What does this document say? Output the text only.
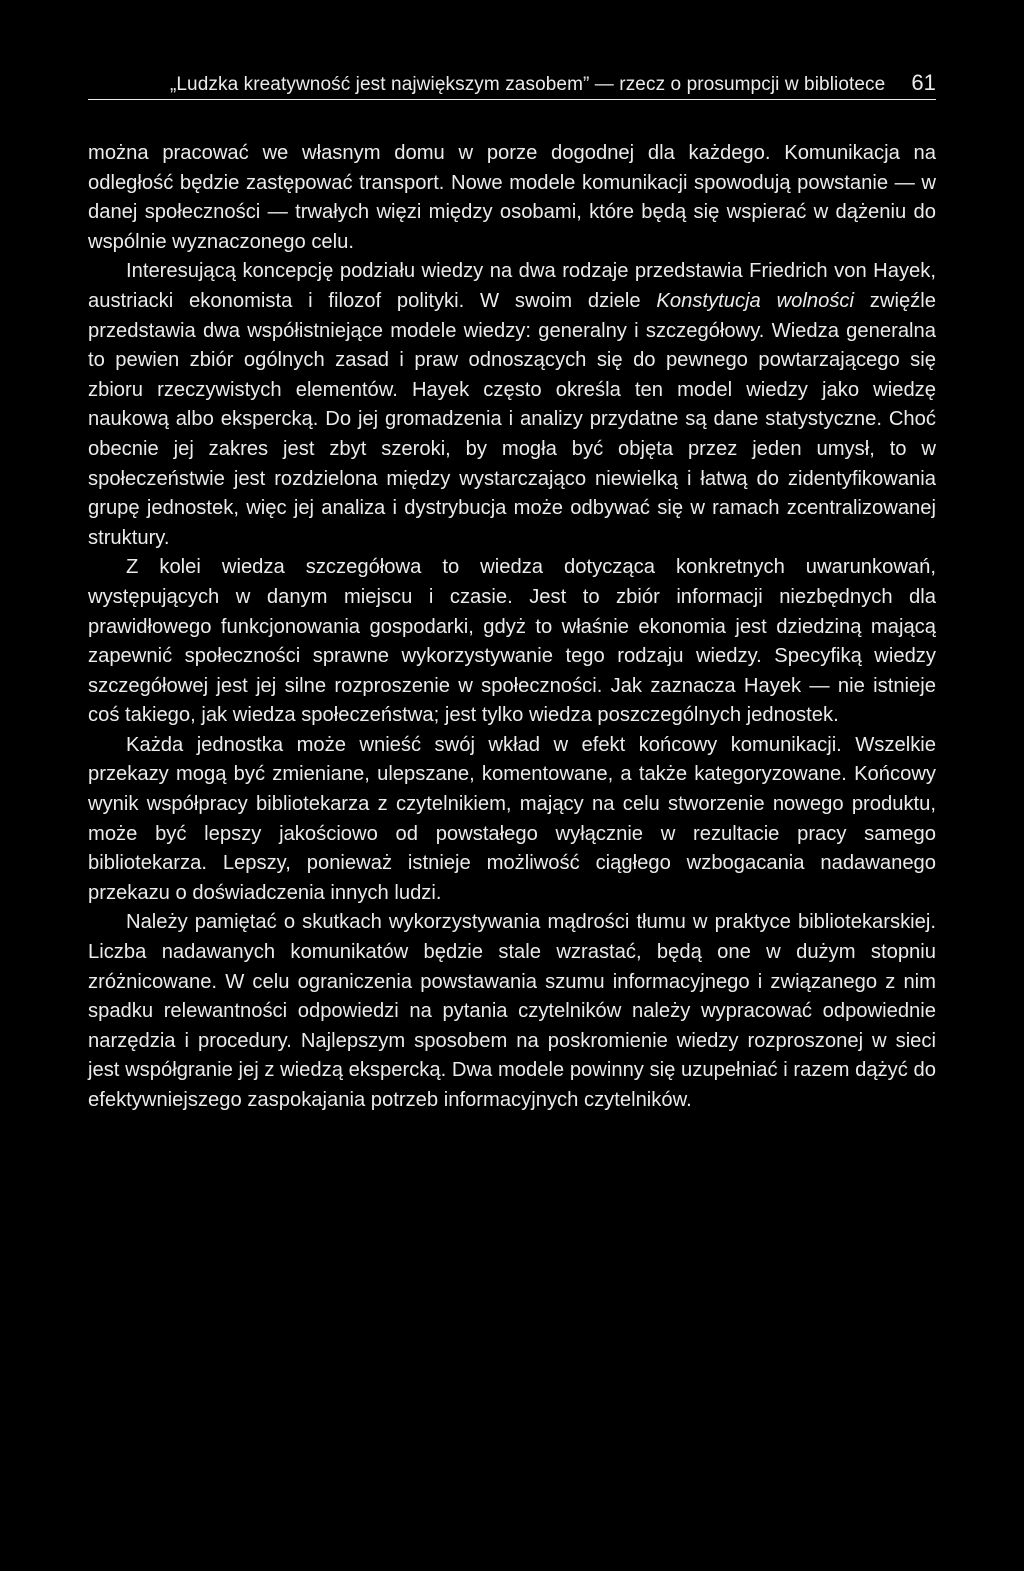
„Ludzka kreatywność jest największym zasobem” — rzecz o prosumpcji w bibliotece 61

można pracować we własnym domu w porze dogodnej dla każdego. Komunikacja na odległość będzie zastępować transport. Nowe modele komunikacji spowodują powstanie — w danej społeczności — trwałych więzi między osobami, które będą się wspierać w dążeniu do wspólnie wyznaczonego celu.

Interesującą koncepcję podziału wiedzy na dwa rodzaje przedstawia Friedrich von Hayek, austriacki ekonomista i filozof polityki. W swoim dziele Konstytucja wolności zwięźle przedstawia dwa współistniejące modele wiedzy: generalny i szczegółowy. Wiedza generalna to pewien zbiór ogólnych zasad i praw odnoszących się do pewnego powtarzającego się zbioru rzeczywistych elementów. Hayek często określa ten model wiedzy jako wiedzę naukową albo ekspercką. Do jej gromadzenia i analizy przydatne są dane statystyczne. Choć obecnie jej zakres jest zbyt szeroki, by mogła być objęta przez jeden umysł, to w społeczeństwie jest rozdzielona między wystarczająco niewielką i łatwą do zidentyfikowania grupę jednostek, więc jej analiza i dystrybucja może odbywać się w ramach zcentralizowanej struktury.

Z kolei wiedza szczegółowa to wiedza dotycząca konkretnych uwarunkowań, występujących w danym miejscu i czasie. Jest to zbiór informacji niezbędnych dla prawidłowego funkcjonowania gospodarki, gdyż to właśnie ekonomia jest dziedziną mającą zapewnić społeczności sprawne wykorzystywanie tego rodzaju wiedzy. Specyfiką wiedzy szczegółowej jest jej silne rozproszenie w społeczności. Jak zaznacza Hayek — nie istnieje coś takiego, jak wiedza społeczeństwa; jest tylko wiedza poszczególnych jednostek.

Każda jednostka może wnieść swój wkład w efekt końcowy komunikacji. Wszelkie przekazy mogą być zmieniane, ulepszane, komentowane, a także kategoryzowane. Końcowy wynik współpracy bibliotekarza z czytelnikiem, mający na celu stworzenie nowego produktu, może być lepszy jakościowo od powstałego wyłącznie w rezultacie pracy samego bibliotekarza. Lepszy, ponieważ istnieje możliwość ciągłego wzbogacania nadawanego przekazu o doświadczenia innych ludzi.

Należy pamiętać o skutkach wykorzystywania mądrości tłumu w praktyce bibliotekarskiej. Liczba nadawanych komunikatów będzie stale wzrastać, będą one w dużym stopniu zróżnicowane. W celu ograniczenia powstawania szumu informacyjnego i związanego z nim spadku relewantności odpowiedzi na pytania czytelników należy wypracować odpowiednie narzędzia i procedury. Najlepszym sposobem na poskromienie wiedzy rozproszonej w sieci jest współgranie jej z wiedzą ekspercką. Dwa modele powinny się uzupełniać i razem dążyć do efektywniejszego zaspokajania potrzeb informacyjnych czytelników.
